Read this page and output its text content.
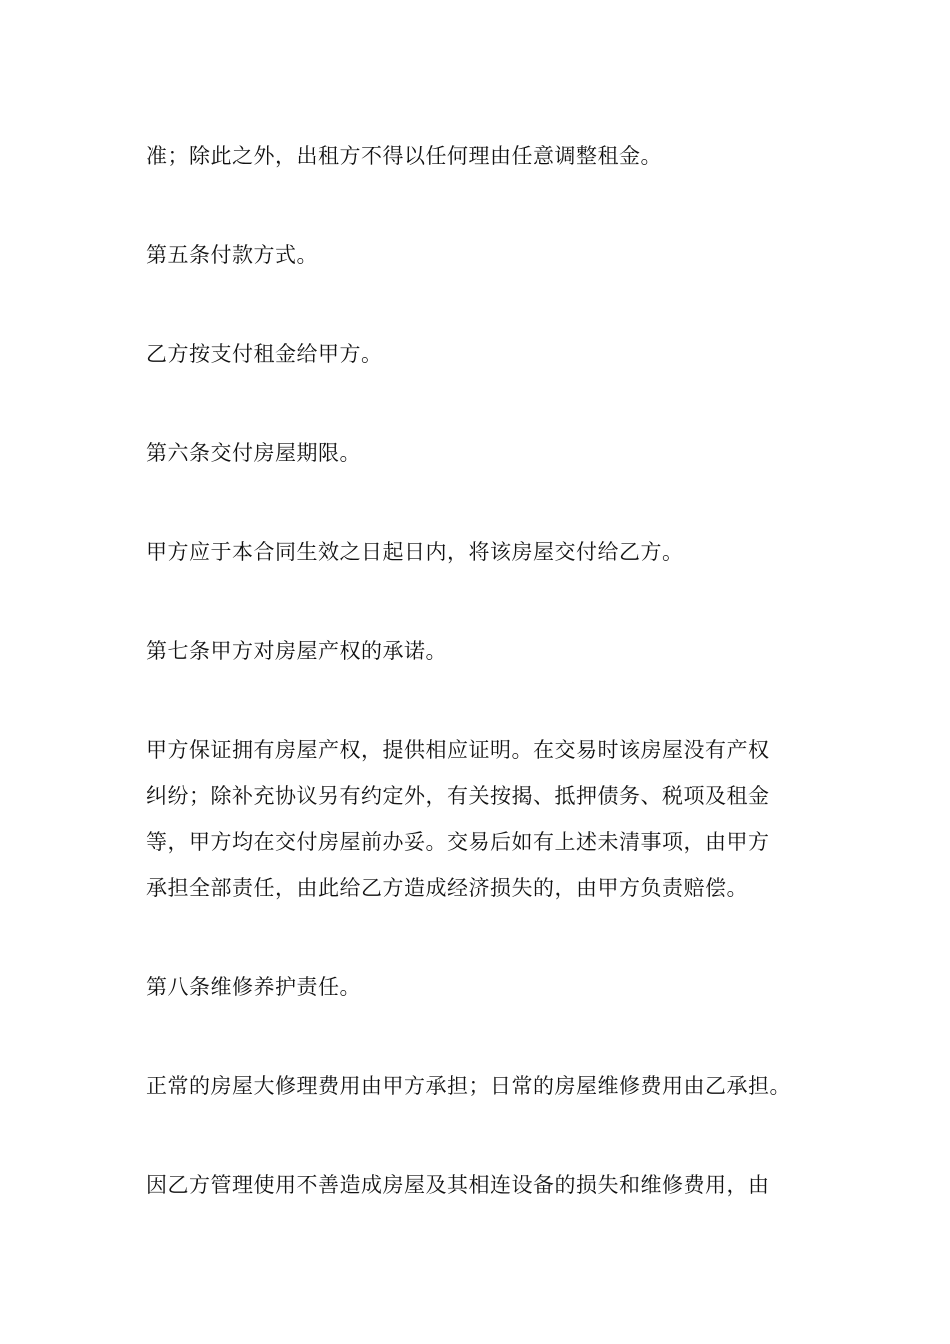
准；除此之外，出租方不得以任何理由任意调整租金。

第五条付款方式。

乙方按支付租金给甲方。

第六条交付房屋期限。

甲方应于本合同生效之日起日内，将该房屋交付给乙方。

第七条甲方对房屋产权的承诺。

甲方保证拥有房屋产权，提供相应证明。在交易时该房屋没有产权
纠纷；除补充协议另有约定外，有关按揭、抵押债务、税项及租金
等，甲方均在交付房屋前办妥。交易后如有上述未清事项，由甲方
承担全部责任，由此给乙方造成经济损失的，由甲方负责赔偿。

第八条维修养护责任。

正常的房屋大修理费用由甲方承担；日常的房屋维修费用由乙承担。

因乙方管理使用不善造成房屋及其相连设备的损失和维修费用，由
